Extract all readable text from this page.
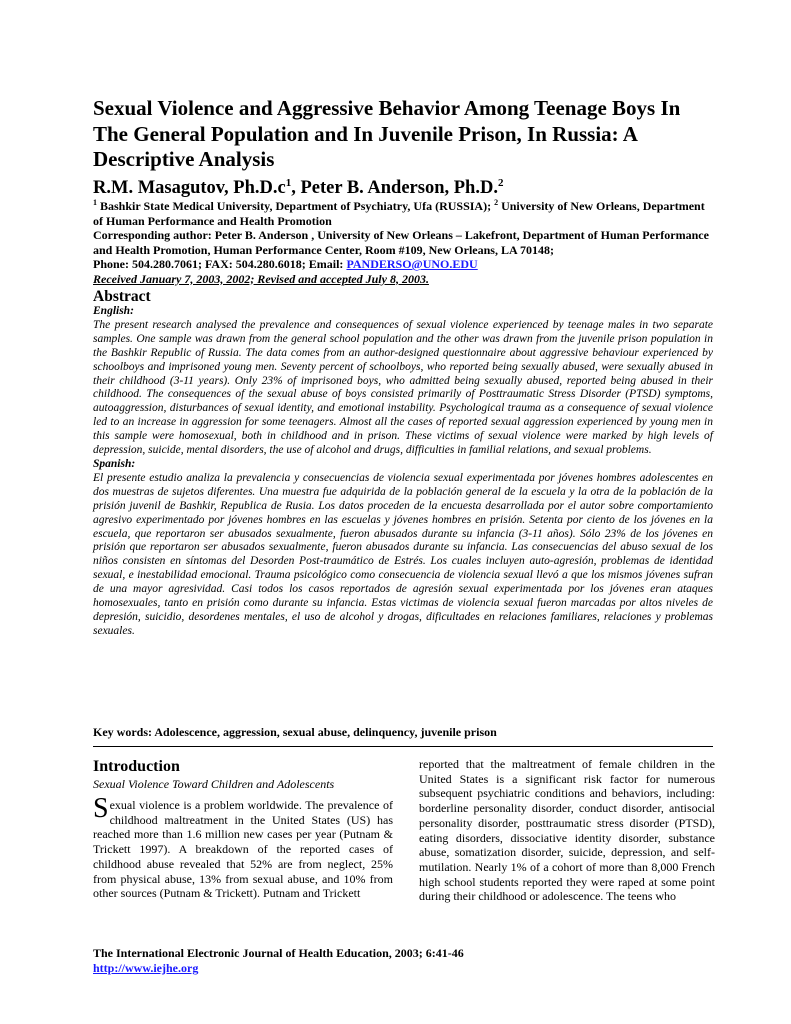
Sexual Violence and Aggressive Behavior Among Teenage Boys In The General Population and In Juvenile Prison, In Russia: A Descriptive Analysis
R.M. Masagutov, $Ph.D.c^1$, Peter B. Anderson, Ph.D.$^2$

$^1$ Bashkir State Medical University, Department of Psychiatry, Ufa (RUSSIA); $^2$ University of New Orleans, Department of Human Performance and Health Promotion

Corresponding author: Peter B. Anderson , University of New Orleans – Lakefront, Department of Human Performance and Health Promotion, Human Performance Center, Room #109, New Orleans, LA 70148;

Phone: 504.280.7061; FAX: 504.280.6018; Email: PANDERSO@UNO.EDU

Received January 7, 2003, 2002; Revised and accepted July 8, 2003.

Abstract

English:

The present research analysed the prevalence and consequences of sexual violence experienced by teenage males in two separate samples. One sample was drawn from the general school population and the other was drawn from the juvenile prison population in the Bashkir Republic of Russia. The data comes from an author-designed questionnaire about aggressive behaviour experienced by schoolboys and imprisoned young men. Seventy percent of schoolboys, who reported being sexually abused, were sexually abused in their childhood (3-11 years). Only 23% of imprisoned boys, who admitted being sexually abused, reported being abused in their childhood. The consequences of the sexual abuse of boys consisted primarily of Posttraumatic Stress Disorder (PTSD) symptoms, autoaggression, disturbances of sexual identity, and emotional instability. Psychological trauma as a consequence of sexual violence led to an increase in aggression for some teenagers. Almost all the cases of reported sexual aggression experienced by young men in this sample were homosexual, both in childhood and in prison. These victims of sexual violence were marked by high levels of depression, suicide, mental disorders, the use of alcohol and drugs, difficulties in familial relations, and sexual problems.

Spanish:

El presente estudio analiza la prevalencia y consecuencias de violencia sexual experimentada por jóvenes hombres adolescentes en dos muestras de sujetos diferentes. Una muestra fue adquirida de la población general de la escuela y la otra de la población de la prisión juvenil de Bashkir, Republica de Rusia. Los datos proceden de la encuesta desarrollada por el autor sobre comportamiento agresivo experimentado por jóvenes hombres en las escuelas y jóvenes hombres en prisión. Setenta por ciento de los jóvenes en la escuela, que reportaron ser abusados sexualmente, fueron abusados durante su infancia (3-11 años). Sólo 23% de los jóvenes en prisión que reportaron ser abusados sexualmente, fueron abusados durante su infancia. Las consecuencias del abuso sexual de los niños consisten en síntomas del Desorden Post-traumático de Estrés. Los cuales incluyen auto-agresión, problemas de identidad sexual, e inestabilidad emocional. Trauma psicológico como consecuencia de violencia sexual llevó a que los mismos jóvenes sufran de una mayor agresividad. Casi todos los casos reportados de agresión sexual experimentada por los jóvenes eran ataques homosexuales, tanto en prisión como durante su infancia. Estas victimas de violencia sexual fueron marcadas por altos niveles de depresión, suicidio, desordenes mentales, el uso de alcohol y drogas, dificultades en relaciones familiares, relaciones y problemas sexuales.

Key words: Adolescence, aggression, sexual abuse, delinquency, juvenile prison
Introduction

Sexual Violence Toward Children and Adolescents

Sexual violence is a problem worldwide. The prevalence of childhood maltreatment in the United States (US) has reached more than 1.6 million new cases per year (Putnam & Trickett 1997). A breakdown of the reported cases of childhood abuse revealed that 52% are from neglect, 25% from physical abuse, 13% from sexual abuse, and 10% from other sources (Putnam & Trickett). Putnam and Trickett

reported that the maltreatment of female children in the United States is a significant risk factor for numerous subsequent psychiatric conditions and behaviors, including: borderline personality disorder, conduct disorder, antisocial personality disorder, posttraumatic stress disorder (PTSD), eating disorders, dissociative identity disorder, substance abuse, somatization disorder, suicide, depression, and self-mutilation. Nearly 1% of a cohort of more than 8,000 French high school students reported they were raped at some point during their childhood or adolescence. The teens who

The International Electronic Journal of Health Education, 2003; 6:41-46

http://www.iejhe.org
